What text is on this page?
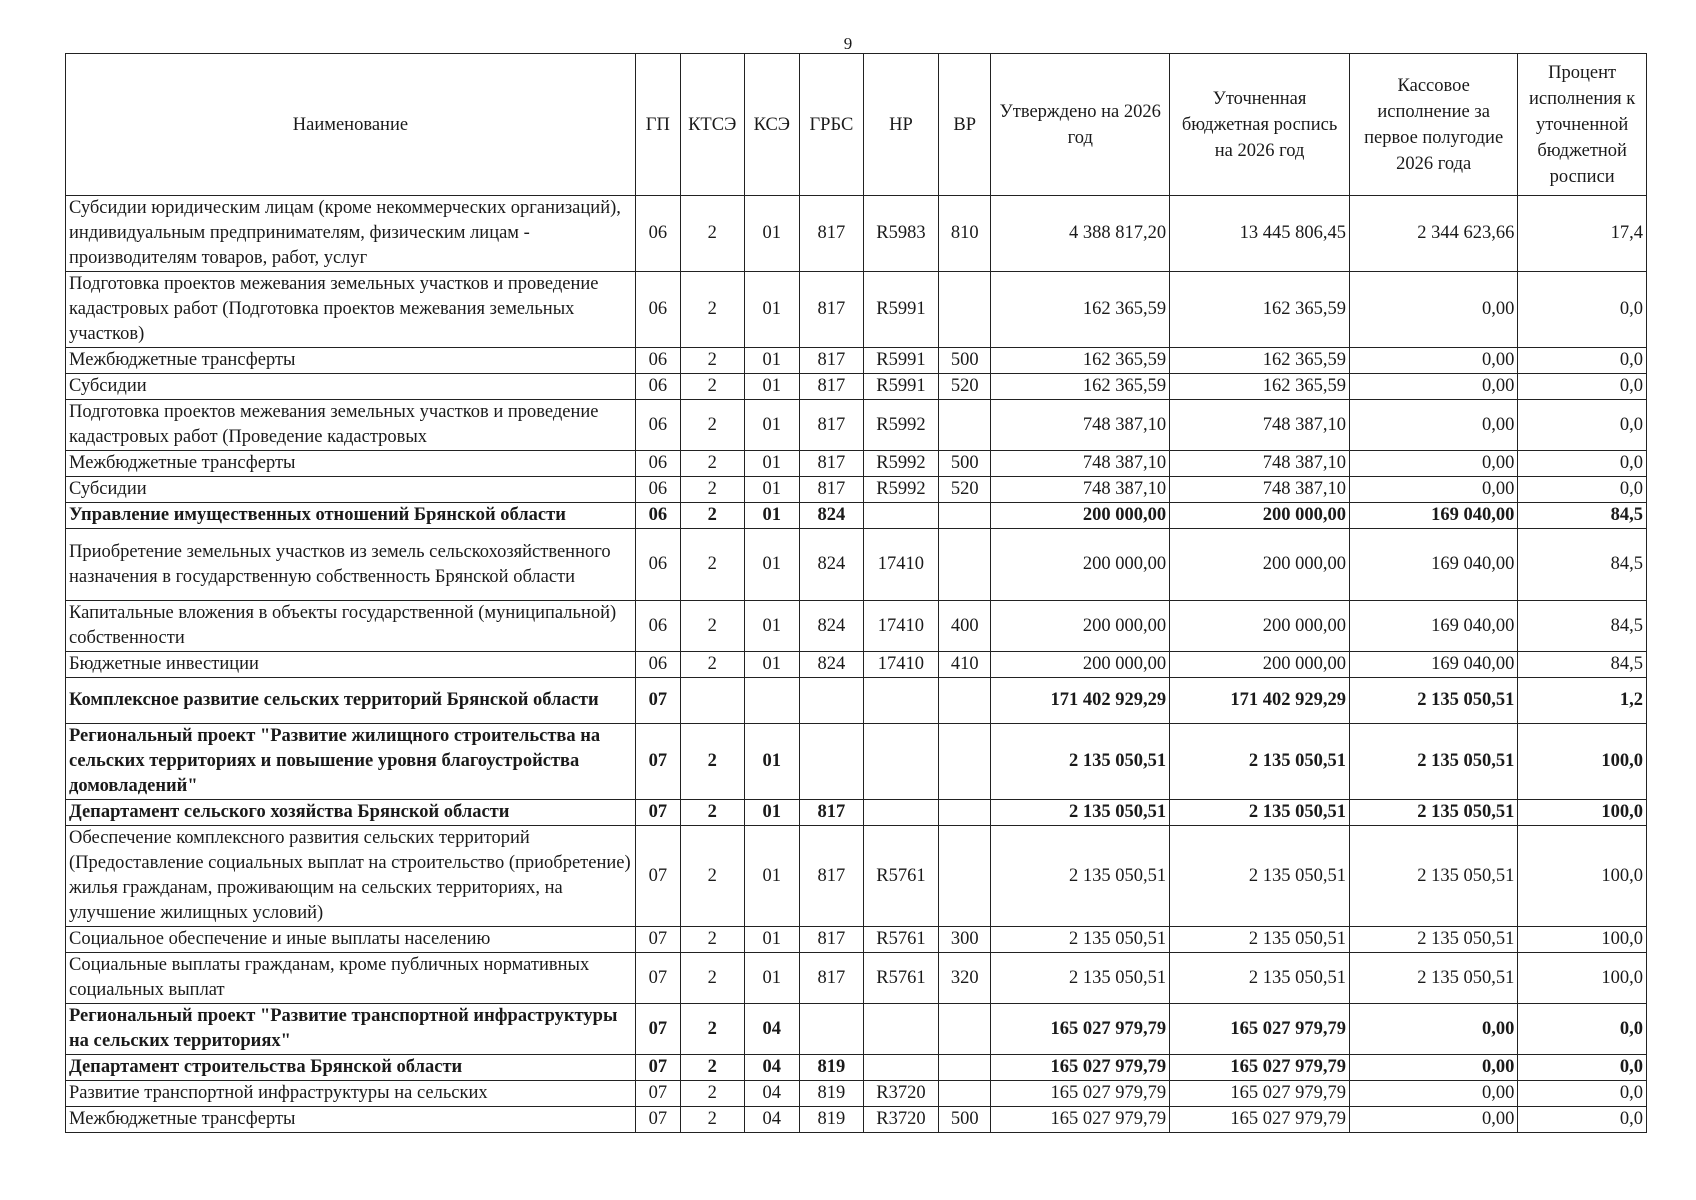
9
Наименование	ГП	КТСЭ	КСЭ	ГРБС	НР	ВР	Утверждено на 2026 год	Уточненная бюджетная роспись на 2026 год	Кассовое исполнение за первое полугодие 2026 года	Процент исполнения к уточненной бюджетной росписи
Субсидии юридическим лицам (кроме некоммерческих организаций), индивидуальным предпринимателям, физическим лицам - производителям товаров, работ, услуг	06	2	01	817	R5983	810	4 388 817,20	13 445 806,45	2 344 623,66	17,4
Подготовка проектов межевания земельных участков и проведение кадастровых работ (Подготовка проектов межевания земельных участков)	06	2	01	817	R5991		162 365,59	162 365,59	0,00	0,0
Межбюджетные трансферты	06	2	01	817	R5991	500	162 365,59	162 365,59	0,00	0,0
Субсидии	06	2	01	817	R5991	520	162 365,59	162 365,59	0,00	0,0
Подготовка проектов межевания земельных участков и проведение кадастровых работ (Проведение кадастровых	06	2	01	817	R5992		748 387,10	748 387,10	0,00	0,0
Межбюджетные трансферты	06	2	01	817	R5992	500	748 387,10	748 387,10	0,00	0,0
Субсидии	06	2	01	817	R5992	520	748 387,10	748 387,10	0,00	0,0
Управление имущественных отношений Брянской области	06	2	01	824			200 000,00	200 000,00	169 040,00	84,5
Приобретение земельных участков из земель сельскохозяйственного назначения в государственную собственность Брянской области	06	2	01	824	17410		200 000,00	200 000,00	169 040,00	84,5
Капитальные вложения в объекты государственной (муниципальной) собственности	06	2	01	824	17410	400	200 000,00	200 000,00	169 040,00	84,5
Бюджетные инвестиции	06	2	01	824	17410	410	200 000,00	200 000,00	169 040,00	84,5
Комплексное развитие сельских территорий Брянской области	07						171 402 929,29	171 402 929,29	2 135 050,51	1,2
Региональный проект "Развитие жилищного строительства на сельских территориях и повышение уровня благоустройства домовладений"	07	2	01				2 135 050,51	2 135 050,51	2 135 050,51	100,0
Департамент сельского хозяйства Брянской области	07	2	01	817			2 135 050,51	2 135 050,51	2 135 050,51	100,0
Обеспечение комплексного развития сельских территорий (Предоставление социальных выплат на строительство (приобретение) жилья гражданам, проживающим на сельских территориях, на улучшение жилищных условий)	07	2	01	817	R5761		2 135 050,51	2 135 050,51	2 135 050,51	100,0
Социальное обеспечение и иные выплаты населению	07	2	01	817	R5761	300	2 135 050,51	2 135 050,51	2 135 050,51	100,0
Социальные выплаты гражданам, кроме публичных нормативных социальных выплат	07	2	01	817	R5761	320	2 135 050,51	2 135 050,51	2 135 050,51	100,0
Региональный проект "Развитие транспортной инфраструктуры на сельских территориях"	07	2	04				165 027 979,79	165 027 979,79	0,00	0,0
Департамент строительства Брянской области	07	2	04	819			165 027 979,79	165 027 979,79	0,00	0,0
Развитие транспортной инфраструктуры на сельских	07	2	04	819	R3720		165 027 979,79	165 027 979,79	0,00	0,0
Межбюджетные трансферты	07	2	04	819	R3720	500	165 027 979,79	165 027 979,79	0,00	0,0
